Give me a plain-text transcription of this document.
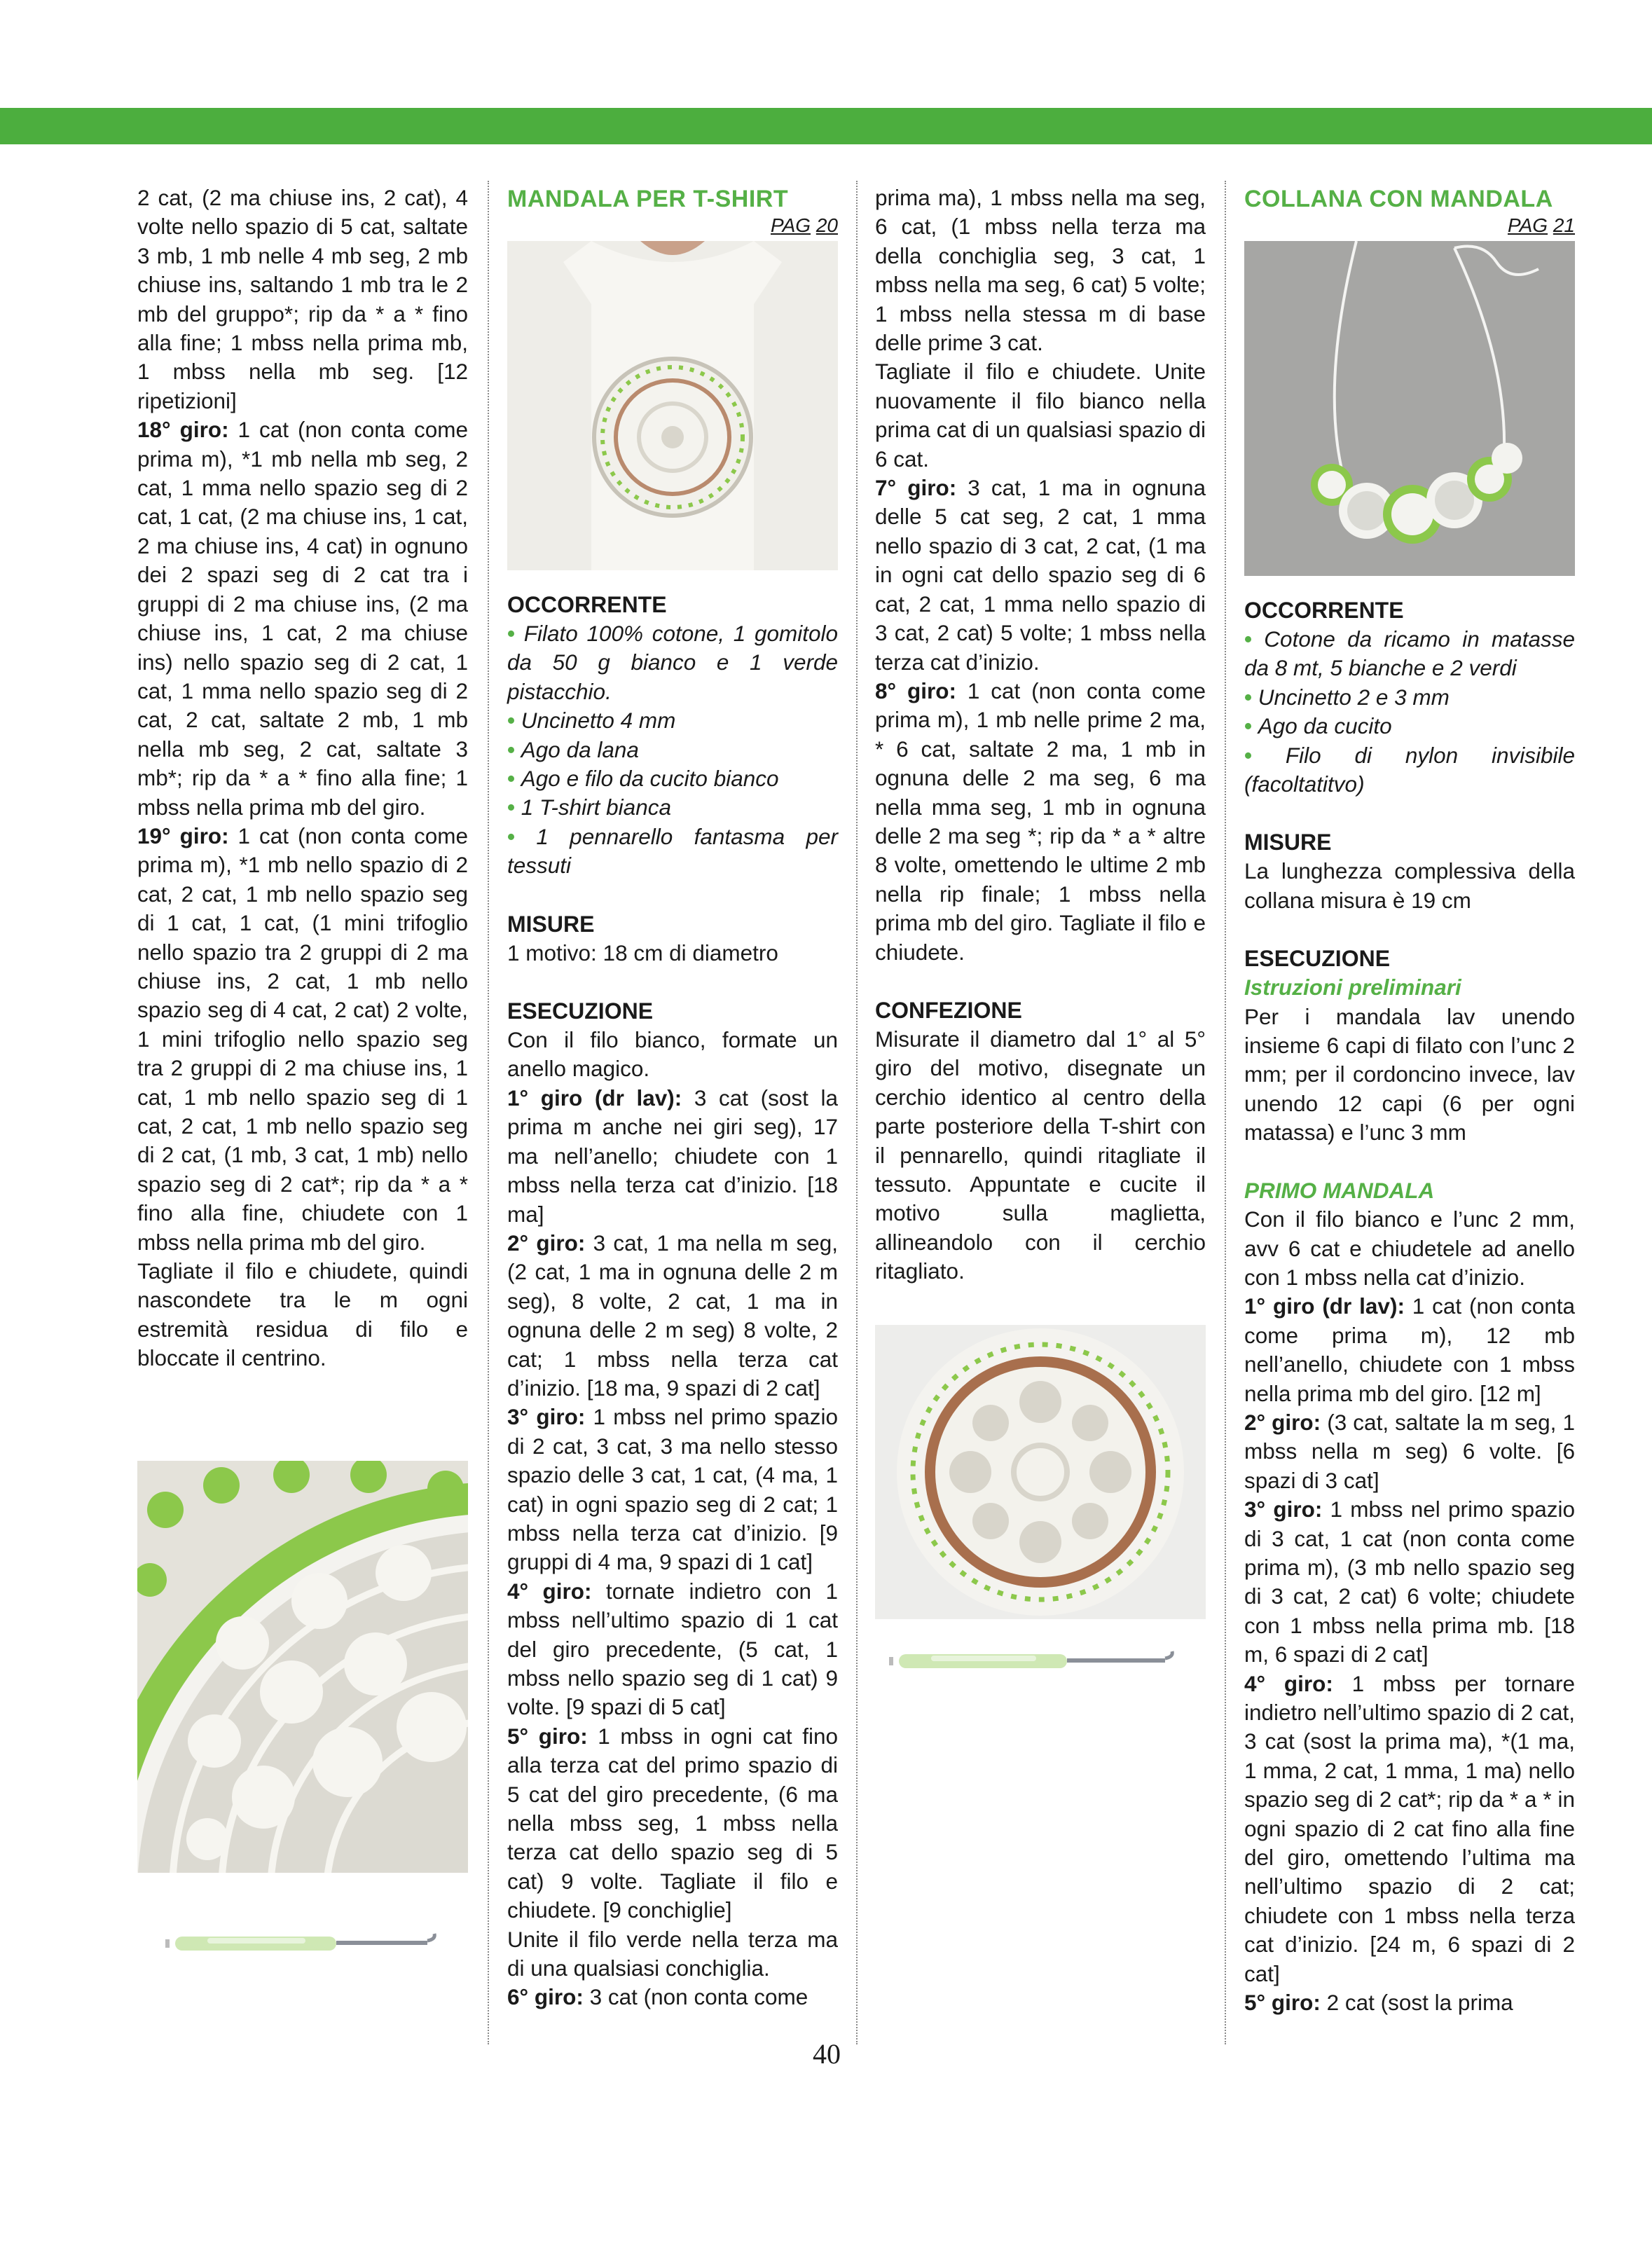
2 cat, (2 ma chiuse ins, 2 cat), 4 volte nello spazio di 5 cat, saltate 3 mb, 1 mb nelle 4 mb seg, 2 mb chiuse ins, saltando 1 mb tra le 2 mb del gruppo*; rip da * a * fino alla fine; 1 mbss nella prima mb, 1 mbss nella mb seg. [12 ripetizioni]

18° giro: 1 cat (non conta come prima m), *1 mb nella mb seg, 2 cat, 1 mma nello spazio seg di 2 cat, 1 cat, (2 ma chiuse ins, 1 cat, 2 ma chiuse ins, 4 cat) in ognuno dei 2 spazi seg di 2 cat tra i gruppi di 2 ma chiuse ins, (2 ma chiuse ins, 1 cat, 2 ma chiuse ins) nello spazio seg di 2 cat, 1 cat, 1 mma nello spazio seg di 2 cat, 2 cat, saltate 2 mb, 1 mb nella mb seg, 2 cat, saltate 3 mb*; rip da * a * fino alla fine; 1 mbss nella prima mb del giro.

19° giro: 1 cat (non conta come prima m), *1 mb nello spazio di 2 cat, 2 cat, 1 mb nello spazio seg di 1 cat, 1 cat, (1 mini trifoglio nello spazio tra 2 gruppi di 2 ma chiuse ins, 2 cat, 1 mb nello spazio seg di 4 cat, 2 cat) 2 volte, 1 mini trifoglio nello spazio seg tra 2 gruppi di 2 ma chiuse ins, 1 cat, 1 mb nello spazio seg di 1 cat, 2 cat, 1 mb nello spazio seg di 2 cat, (1 mb, 3 cat, 1 mb) nello spazio seg di 2 cat*; rip da * a * fino alla fine, chiudete con 1 mbss nella prima mb del giro.

Tagliate il filo e chiudete, quindi nascondete tra le m ogni estremità residua di filo e bloccate il centrino.

MANDALA PER T-SHIRT

PAG 20

OCCORRENTE

• Filato 100% cotone, 1 gomitolo da 50 g bianco e 1 verde pistacchio.

• Uncinetto 4 mm

• Ago da lana

• Ago e filo da cucito bianco

• 1 T-shirt bianca

• 1 pennarello fantasma per tessuti

MISURE

1 motivo: 18 cm di diametro

ESECUZIONE

Con il filo bianco, formate un anello magico.

1° giro (dr lav): 3 cat (sost la prima m anche nei giri seg), 17 ma nell’anello; chiudete con 1 mbss nella terza cat d’inizio. [18 ma]

2° giro: 3 cat, 1 ma nella m seg, (2 cat, 1 ma in ognuna delle 2 m seg), 8 volte, 2 cat, 1 ma in ognuna delle 2 m seg) 8 volte, 2 cat; 1 mbss nella terza cat d’inizio. [18 ma, 9 spazi di 2 cat]

3° giro: 1 mbss nel primo spazio di 2 cat, 3 cat, 3 ma nello stesso spazio delle 3 cat, 1 cat, (4 ma, 1 cat) in ogni spazio seg di 2 cat; 1 mbss nella terza cat d’inizio. [9 gruppi di 4 ma, 9 spazi di 1 cat]

4° giro: tornate indietro con 1 mbss nell’ultimo spazio di 1 cat del giro precedente, (5 cat, 1 mbss nello spazio seg di 1 cat) 9 volte. [9 spazi di 5 cat]

5° giro: 1 mbss in ogni cat fino alla terza cat del primo spazio di 5 cat del giro precedente, (6 ma nella mbss seg, 1 mbss nella terza cat dello spazio seg di 5 cat) 9 volte. Tagliate il filo e chiudete. [9 conchiglie]

Unite il filo verde nella terza ma di una qualsiasi conchiglia.

6° giro: 3 cat (non conta come

prima ma), 1 mbss nella ma seg, 6 cat, (1 mbss nella terza ma della conchiglia seg, 3 cat, 1 mbss nella ma seg, 6 cat) 5 volte; 1 mbss nella stessa m di base delle prime 3 cat.

Tagliate il filo e chiudete. Unite nuovamente il filo bianco nella prima cat di un qualsiasi spazio di 6 cat.

7° giro: 3 cat, 1 ma in ognuna delle 5 cat seg, 2 cat, 1 mma nello spazio di 3 cat, 2 cat, (1 ma in ogni cat dello spazio seg di 6 cat, 2 cat, 1 mma nello spazio di 3 cat, 2 cat) 5 volte; 1 mbss nella terza cat d’inizio.

8° giro: 1 cat (non conta come prima m), 1 mb nelle prime 2 ma, * 6 cat, saltate 2 ma, 1 mb in ognuna delle 2 ma seg, 6 ma nella mma seg, 1 mb in ognuna delle 2 ma seg *; rip da * a * altre 8 volte, omettendo le ultime 2 mb nella rip finale; 1 mbss nella prima mb del giro. Tagliate il filo e chiudete.

CONFEZIONE

Misurate il diametro dal 1° al 5° giro del motivo, disegnate un cerchio identico al centro della parte posteriore della T-shirt con il pennarello, quindi ritagliate il tessuto. Appuntate e cucite il motivo sulla maglietta, allineandolo con il cerchio ritagliato.

COLLANA CON MANDALA

PAG 21

OCCORRENTE

• Cotone da ricamo in matasse da 8 mt, 5 bianche e 2 verdi

• Uncinetto 2 e 3 mm

• Ago da cucito

• Filo di nylon invisibile (facoltatitvo)

MISURE

La lunghezza complessiva della collana misura è 19 cm

ESECUZIONE

Istruzioni preliminari

Per i mandala lav unendo insieme 6 capi di filato con l’unc 2 mm; per il cordoncino invece, lav unendo 12 capi (6 per ogni matassa) e l’unc 3 mm

PRIMO MANDALA

Con il filo bianco e l’unc 2 mm, avv 6 cat e chiudetele ad anello con 1 mbss nella cat d’inizio.

1° giro (dr lav): 1 cat (non conta come prima m), 12 mb nell’anello, chiudete con 1 mbss nella prima mb del giro. [12 m]

2° giro: (3 cat, saltate la m seg, 1 mbss nella m seg) 6 volte. [6 spazi di 3 cat]

3° giro: 1 mbss nel primo spazio di 3 cat, 1 cat (non conta come prima m), (3 mb nello spazio seg di 3 cat, 2 cat) 6 volte; chiudete con 1 mbss nella prima mb. [18 m, 6 spazi di 2 cat]

4° giro: 1 mbss per tornare indietro nell’ultimo spazio di 2 cat, 3 cat (sost la prima ma), *(1 ma, 1 mma, 2 cat, 1 mma, 1 ma) nello spazio seg di 2 cat*; rip da * a * in ogni spazio di 2 cat fino alla fine del giro, omettendo l’ultima ma nell’ultimo spazio di 2 cat; chiudete con 1 mbss nella terza cat d’inizio. [24 m, 6 spazi di 2 cat]

5° giro: 2 cat (sost la prima

40
